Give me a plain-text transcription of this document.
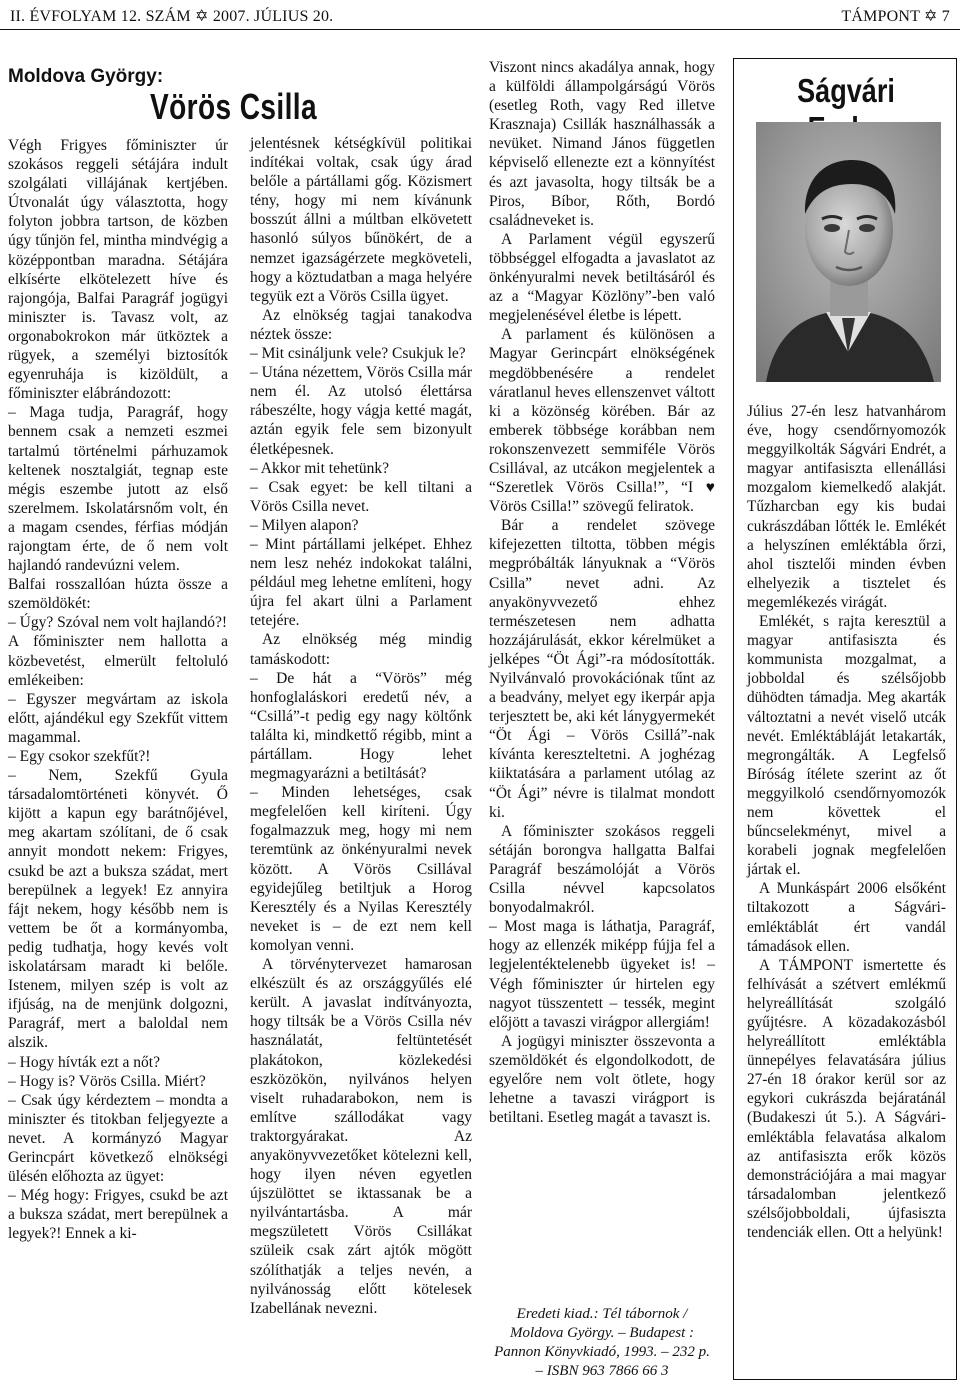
II. ÉVFOLYAM 12. SZÁM ✡ 2007. JÚLIUS 20.	TÁMPONT ✡ 7
Moldova György:
Vörös Csilla

Végh Frigyes főminiszter úr szokásos reggeli sétájára indult szolgálati villájának kertjében. Útvonalát úgy választotta, hogy folyton jobbra tartson, de közben úgy tűnjön fel, mintha mindvégig a középpontban maradna. Sétájára elkísérte elkötelezett híve és rajongója, Balfai Paragráf jogügyi miniszter is. Tavasz volt, az orgonabokrokon már ütköztek a rügyek, a személyi biztosítók egyenruhája is kizöldült, a főminiszter elábrándozott:

– Maga tudja, Paragráf, hogy bennem csak a nemzeti eszmei tartalmú történelmi párhuzamok keltenek nosztalgiát, tegnap este mégis eszembe jutott az első szerelmem. Iskolatársnőm volt, én a magam csendes, férfias módján rajongtam érte, de ő nem volt hajlandó randevúzni velem.

Balfai rosszallóan húzta össze a szemöldökét:

– Úgy? Szóval nem volt hajlandó?!

A főminiszter nem hallotta a közbevetést, elmerült feltoluló emlékeiben:

– Egyszer megvártam az iskola előtt, ajándékul egy Szekfűt vittem magammal.

– Egy csokor szekfűt?!

– Nem, Szekfű Gyula társadalomtörténeti könyvét. Ő kijött a kapun egy barátnőjével, meg akartam szólítani, de ő csak annyit mondott nekem: Frigyes, csukd be azt a buksza szádat, mert berepülnek a legyek! Ez annyira fájt nekem, hogy később nem is vettem be őt a kormányomba, pedig tudhatja, hogy kevés volt iskolatársam maradt ki belőle. Istenem, milyen szép is volt az ifjúság, na de menjünk dolgozni, Paragráf, mert a baloldal nem alszik.

– Hogy hívták ezt a nőt?

– Hogy is? Vörös Csilla. Miért?

– Csak úgy kérdeztem – mondta a miniszter és titokban feljegyezte a nevet. A kormányzó Magyar Gerincpárt következő elnökségi ülésén előhozta az ügyet:

– Még hogy: Frigyes, csukd be azt a buksza szádat, mert berepülnek a legyek?! Ennek a ki-

jelentésnek kétségkívül politikai indítékai voltak, csak úgy árad belőle a pártállami gőg. Közismert tény, hogy mi nem kívánunk bosszút állni a múltban elkövetett hasonló súlyos bűnökért, de a nemzet igazságérzete megköveteli, hogy a köztudatban a maga helyére tegyük ezt a Vörös Csilla ügyet.

Az elnökség tagjai tanakodva néztek össze:

– Mit csináljunk vele? Csukjuk le?

– Utána nézettem, Vörös Csilla már nem él. Az utolsó élettársa rábeszélte, hogy vágja ketté magát, aztán egyik fele sem bizonyult életképesnek.

– Akkor mit tehetünk?

– Csak egyet: be kell tiltani a Vörös Csilla nevet.

– Milyen alapon?

– Mint pártállami jelképet. Ehhez nem lesz nehéz indokokat találni, például meg lehetne említeni, hogy újra fel akart ülni a Parlament tetejére.

Az elnökség még mindig tamáskodott:

– De hát a “Vörös” még honfoglaláskori eredetű név, a “Csillá”-t pedig egy nagy költőnk találta ki, mindkettő régibb, mint a pártállam. Hogy lehet megmagyarázni a betiltását?

– Minden lehetséges, csak megfelelően kell kiríteni. Úgy fogalmazzuk meg, hogy mi nem teremtünk az önkényuralmi nevek között. A Vörös Csillával egyidejűleg betiltjuk a Horog Keresztély és a Nyilas Keresztély neveket is – de ezt nem kell komolyan venni.

A törvénytervezet hamarosan elkészült és az országgyűlés elé került. A javaslat indítványozta, hogy tiltsák be a Vörös Csilla név használatát, feltüntetését plakátokon, közlekedési eszközökön, nyilvános helyen viselt ruhadarabokon, nem is említve szállodákat vagy traktorgyárakat. Az anyakönyvvezetőket kötelezni kell, hogy ilyen néven egyetlen újszülöttet se iktassanak be a nyilvántartásba. A már megszületett Vörös Csillákat szüleik csak zárt ajtók mögött szólíthatják a teljes nevén, a nyilvánosság előtt kötelesek Izabellának nevezni.

Viszont nincs akadálya annak, hogy a külföldi állampolgárságú Vörös (esetleg Roth, vagy Red illetve Krasznaja) Csillák használhassák a nevüket. Nimand János független képviselő ellenezte ezt a könnyítést és azt javasolta, hogy tiltsák be a Piros, Bíbor, Rőth, Bordó családneveket is.

A Parlament végül egyszerű többséggel elfogadta a javaslatot az önkényuralmi nevek betiltásáról és az a “Magyar Közlöny”-ben való megjelenésével életbe is lépett.

A parlament és különösen a Magyar Gerincpárt elnökségének megdöbbenésére a rendelet váratlanul heves ellenszenvet váltott ki a közönség körében. Bár az emberek többsége korábban nem rokonszenvezett semmiféle Vörös Csillával, az utcákon megjelentek a “Szeretlek Vörös Csilla!”, “I ♥ Vörös Csilla!” szövegű feliratok.

Bár a rendelet szövege kifejezetten tiltotta, többen mégis megpróbálták lányuknak a “Vörös Csilla” nevet adni. Az anyakönyvvezető ehhez természetesen nem adhatta hozzájárulását, ekkor kérelmüket a jelképes “Öt Ági”-ra módosították. Nyilvánvaló provokációnak tűnt az a beadvány, melyet egy ikerpár apja terjesztett be, aki két lánygyermekét “Öt Ági – Vörös Csillá”-nak kívánta kereszteltetni. A joghézag kiiktatására a parlament utólag az “Öt Ági” névre is tilalmat mondott ki.

A főminiszter szokásos reggeli sétáján borongva hallgatta Balfai Paragráf beszámolóját a Vörös Csilla névvel kapcsolatos bonyodalmakról.

– Most maga is láthatja, Paragráf, hogy az ellenzék miképp fújja fel a legjelentéktelenebb ügyeket is! – Végh főminiszter úr hirtelen egy nagyot tüsszentett – tessék, megint előjött a tavaszi virágpor allergiám!

A jogügyi miniszter összevonta a szemöldökét és elgondolkodott, de egyelőre nem volt ötlete, hogy lehetne a tavaszi virágport is betiltani. Esetleg magát a tavaszt is.

Eredeti kiad.: Tél tábornok / Moldova György. – Budapest : Pannon Könyvkiadó, 1993. – 232 p. – ISBN 963 7866 66 3
Ságvári

Július 27-én lesz hatvanhárom éve, hogy csendőrnyomozók meggyilkolták Ságvári Endrét, a magyar antifasiszta ellenállási mozgalom kiemelkedő alakját. Tűzharcban egy kis budai cukrászdában lőtték le. Emlékét a helyszínen emléktábla őrzi, ahol tisztelői minden évben elhelyezik a tisztelet és megemlékezés virágát.

Emlékét, s rajta keresztül a magyar antifasiszta és kommunista mozgalmat, a jobboldal és szélsőjobb dühödten támadja. Meg akarták változtatni a nevét viselő utcák nevét. Emléktábláját letakarták, megrongálták. A Legfelső Bíróság ítélete szerint az őt meggyilkoló csendőrnyomozók nem követtek el bűncselekményt, mivel a korabeli jognak megfelelően jártak el.

A Munkáspárt 2006 elsőként tiltakozott a Ságvári-emléktáblát ért vandál támadások ellen.

A TÁMPONT ismertette és felhívását a szétvert emlékmű helyreállítását szolgáló gyűjtésre. A közadakozásból helyreállított emléktábla ünnepélyes felavatására július 27-én 18 órakor kerül sor az egykori cukrászda bejáratánál (Budakeszi út 5.). A Ságvári-emléktábla felavatása alkalom az antifasiszta erők közös demonstrációjára a mai magyar társadalomban jelentkező szélsőjobboldali, újfasiszta tendenciák ellen. Ott a helyünk!
